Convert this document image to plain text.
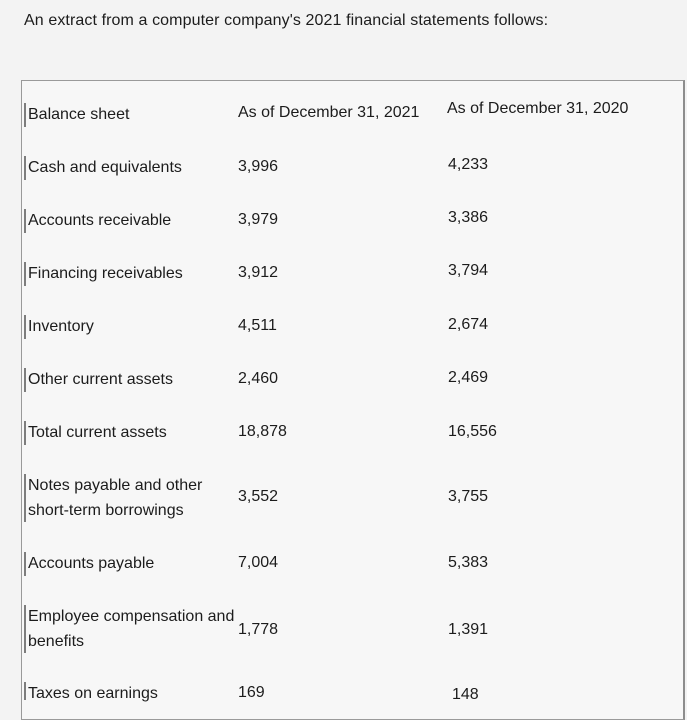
An extract from a computer company's 2021 financial statements follows:
Balance sheet	As of December 31, 2021 As of December 31, 2020
Cash and equivalents	3,996	4,233
Accounts receivable	3,979	3,386
Financing receivables	3,912	3,794
Inventory	4,511	2,674
Other current assets	2,460	2,469
Total current assets	18,878	16,556
Notes payable and other
short-term borrowings
3,552	3,755
Accounts payable	7,004	5,383
Employee compensation and
benefits
1,778	1,391
Taxes on earnings	169	148
